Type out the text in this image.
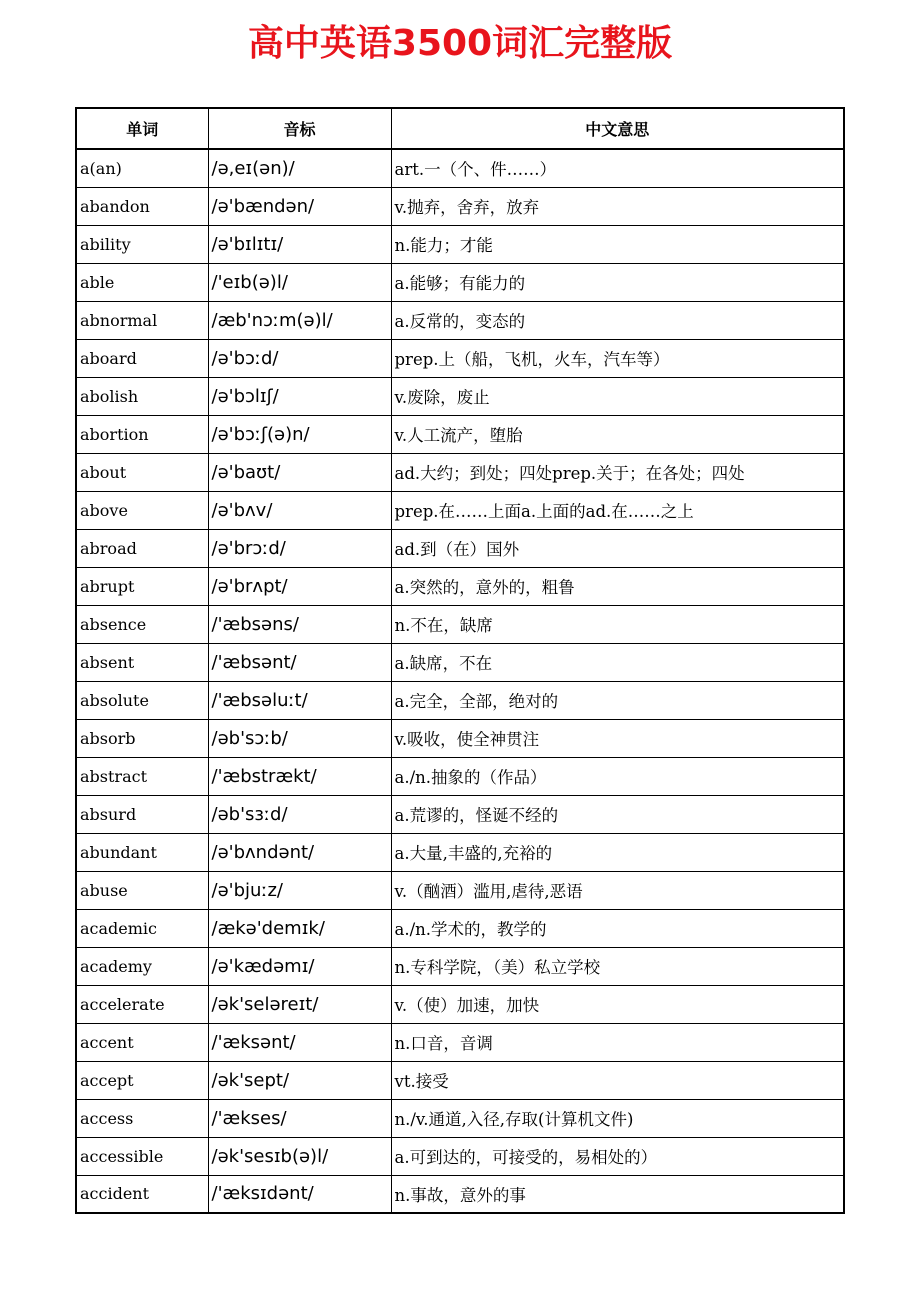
高中英语3500词汇完整版
单词	音标	中文意思
a(an)	/ə,eɪ(ən)/	art.一（个、件……）
abandon	/ə'bændən/	v.抛弃，舍弃，放弃
ability	/ə'bɪlɪtɪ/	n.能力；才能
able	/'eɪb(ə)l/	a.能够；有能力的
abnormal	/æb'nɔːm(ə)l/	a.反常的，变态的
aboard	/ə'bɔːd/	prep.上（船，飞机，火车，汽车等）
abolish	/ə'bɔlɪʃ/	v.废除，废止
abortion	/ə'bɔːʃ(ə)n/	v.人工流产，堕胎
about	/ə'baʊt/	ad.大约；到处；四处prep.关于；在各处；四处
above	/ə'bʌv/	prep.在……上面a.上面的ad.在……之上
abroad	/ə'brɔːd/	ad.到（在）国外
abrupt	/ə'brʌpt/	a.突然的，意外的，粗鲁
absence	/'æbsəns/	n.不在，缺席
absent	/'æbsənt/	a.缺席，不在
absolute	/'æbsəluːt/	a.完全，全部，绝对的
absorb	/əb'sɔːb/	v.吸收，使全神贯注
abstract	/'æbstrækt/	a./n.抽象的（作品）
absurd	/əb'sɜːd/	a.荒谬的，怪诞不经的
abundant	/ə'bʌndənt/	a.大量,丰盛的,充裕的
abuse	/ə'bjuːz/	v.（酗酒）滥用,虐待,恶语
academic	/ækə'demɪk/	a./n.学术的，教学的
academy	/ə'kædəmɪ/	n.专科学院，（美）私立学校
accelerate	/ək'seləreɪt/	v.（使）加速，加快
accent	/'æksənt/	n.口音，音调
accept	/ək'sept/	vt.接受
access	/'ækses/	n./v.通道,入径,存取(计算机文件)
accessible	/ək'sesɪb(ə)l/	a.可到达的，可接受的，易相处的）
accident	/'æksɪdənt/	n.事故，意外的事
